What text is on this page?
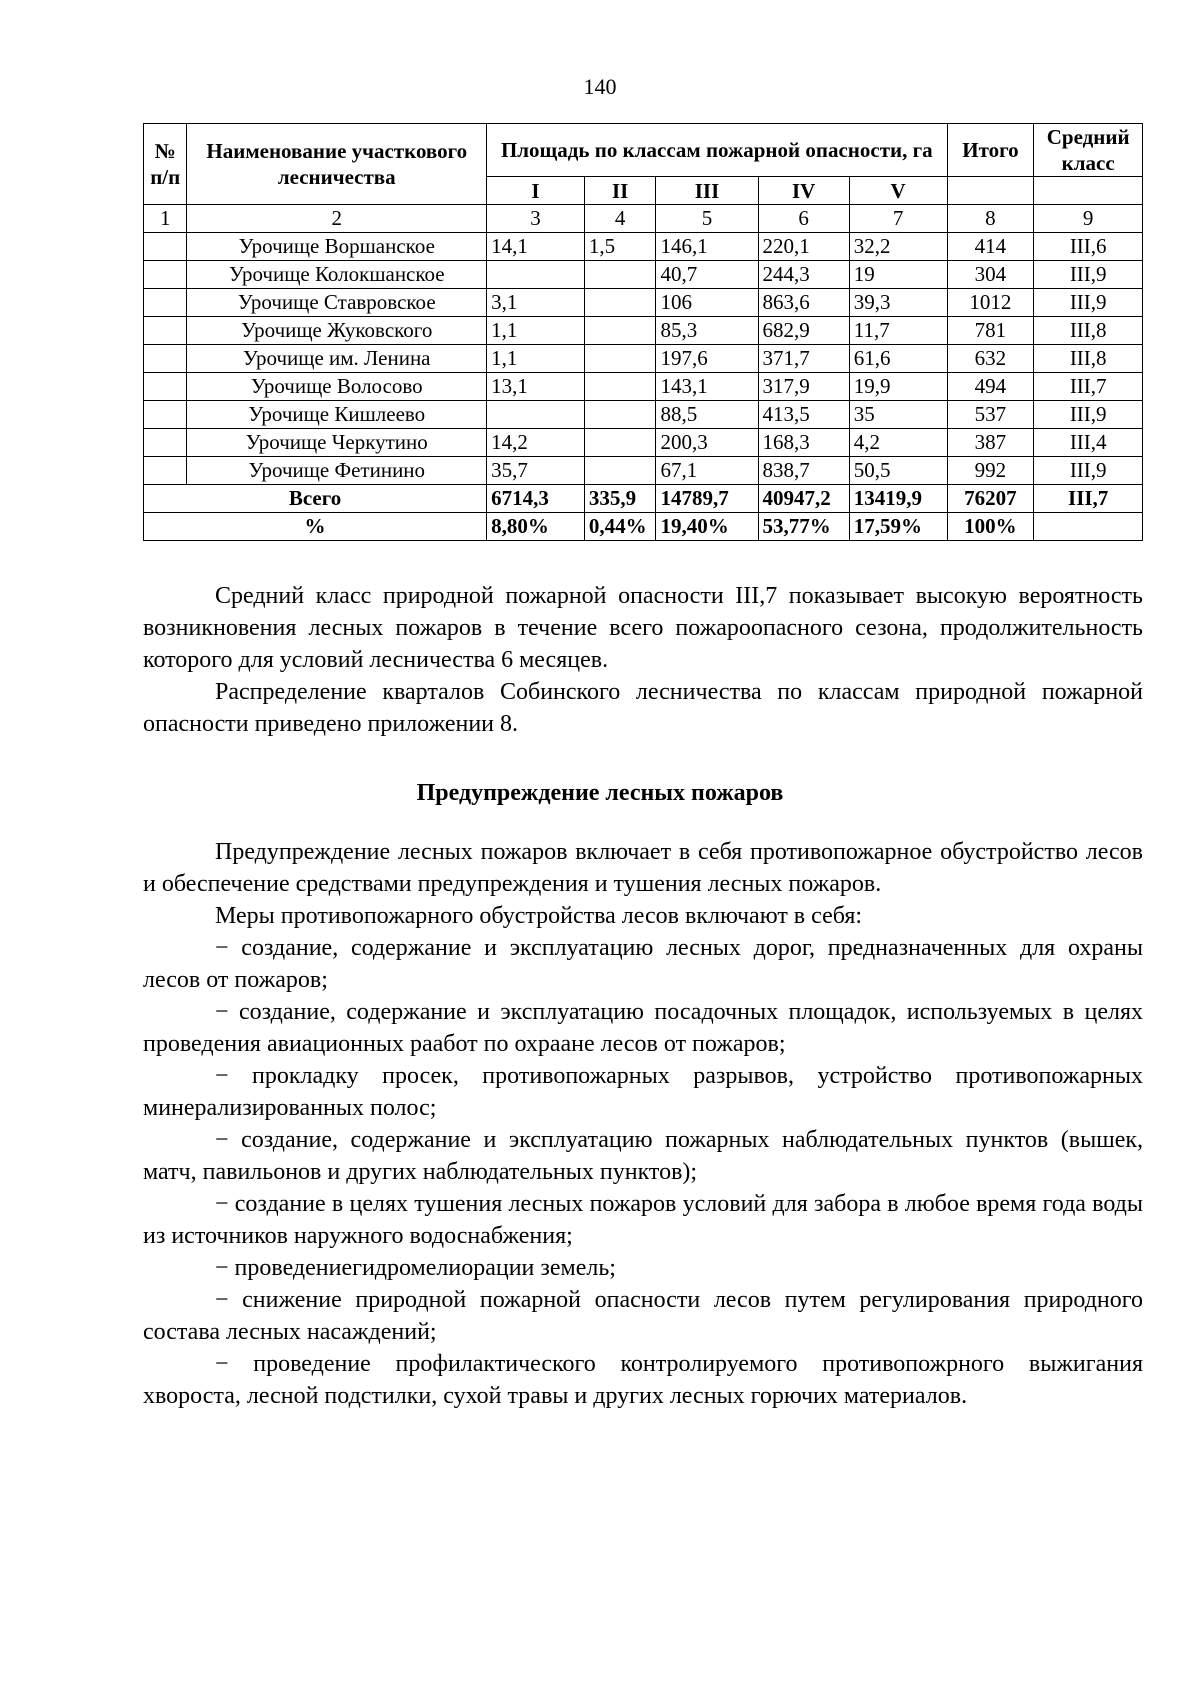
140
№ п/п	Наименование участкового лесничества	Площадь по классам пожарной опасности, га					Итого	Средний класс
		I	II	III	IV	V		
1	2	3	4	5	6	7	8	9
	Урочище Воршанское	14,1	1,5	146,1	220,1	32,2	414	III,6
	Урочище Колокшанское			40,7	244,3	19	304	III,9
	Урочище Ставровское	3,1		106	863,6	39,3	1012	III,9
	Урочище Жуковского	1,1		85,3	682,9	11,7	781	III,8
	Урочище им. Ленина	1,1		197,6	371,7	61,6	632	III,8
	Урочище Волосово	13,1		143,1	317,9	19,9	494	III,7
	Урочище Кишлеево			88,5	413,5	35	537	III,9
	Урочище Черкутино	14,2		200,3	168,3	4,2	387	III,4
	Урочище Фетинино	35,7		67,1	838,7	50,5	992	III,9
Всего		6714,3	335,9	14789,7	40947,2	13419,9	76207	III,7
%		8,80%	0,44%	19,40%	53,77%	17,59%	100%	

Средний класс природной пожарной опасности III,7 показывает высокую вероятность возникновения лесных пожаров в течение всего пожароопасного сезона, продолжительность которого для условий лесничества 6 месяцев.

Распределение кварталов Собинского лесничества по классам природной пожарной опасности приведено приложении 8.

Предупреждение лесных пожаров

Предупреждение лесных пожаров включает в себя противопожарное обустройство лесов и обеспечение средствами предупреждения и тушения лесных пожаров.

Меры противопожарного обустройства лесов включают в себя:

− создание, содержание и эксплуатацию лесных дорог, предназначенных для охраны лесов от пожаров;

− создание, содержание и эксплуатацию посадочных площадок, используемых в целях проведения авиационных раабот по охраане лесов от пожаров;

− прокладку просек, противопожарных разрывов, устройство противопожарных минерализированных полос;

− создание, содержание и эксплуатацию пожарных наблюдательных пунктов (вышек, матч, павильонов и других наблюдательных пунктов);

− создание в целях тушения лесных пожаров условий для забора в любое время года воды из источников наружного водоснабжения;

− проведениегидромелиорации земель;

− снижение природной пожарной опасности лесов путем регулирования природного состава лесных насаждений;

− проведение профилактического контролируемого противопожрного выжигания хвороста, лесной подстилки, сухой травы и других лесных горючих материалов.
